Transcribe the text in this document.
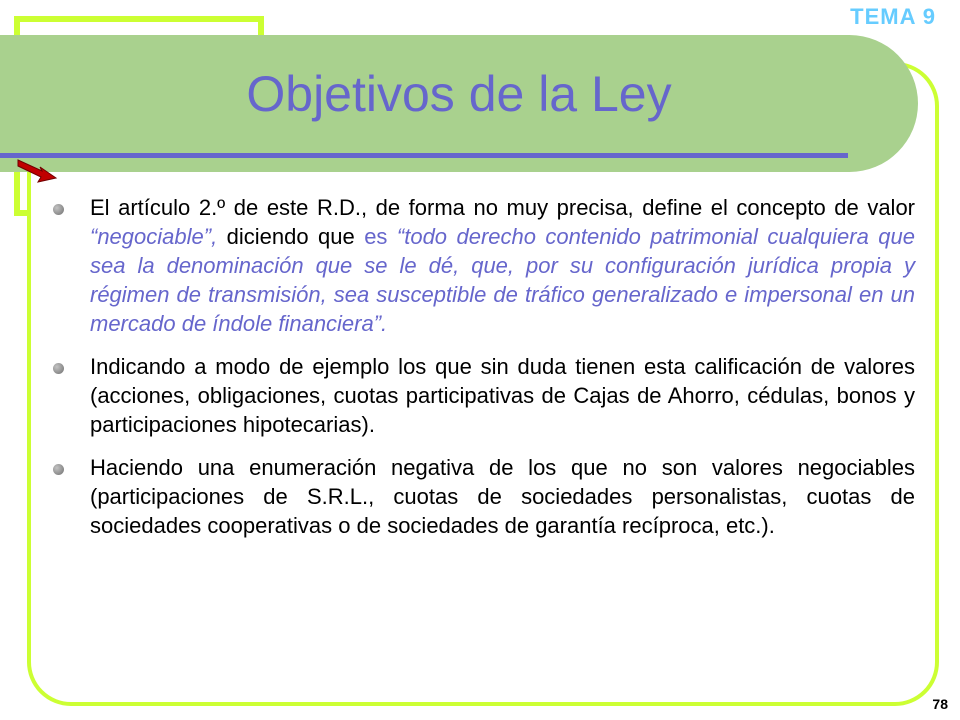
TEMA 9
Objetivos de la Ley
El artículo 2.º de este R.D., de forma no muy precisa, define el concepto de valor “negociable”, diciendo que es “todo derecho contenido patrimonial cualquiera que sea la denominación que se le dé, que, por su configuración jurídica propia y régimen de transmisión, sea susceptible de tráfico generalizado e impersonal en un mercado de índole financiera”.
Indicando a modo de ejemplo los que sin duda tienen esta calificación de valores (acciones, obligaciones, cuotas participativas de Cajas de Ahorro, cédulas, bonos y participaciones hipotecarias).
Haciendo una enumeración negativa de los que no son valores negociables (participaciones de S.R.L., cuotas de sociedades personalistas, cuotas de sociedades cooperativas o de sociedades de garantía recíproca, etc.).
78
